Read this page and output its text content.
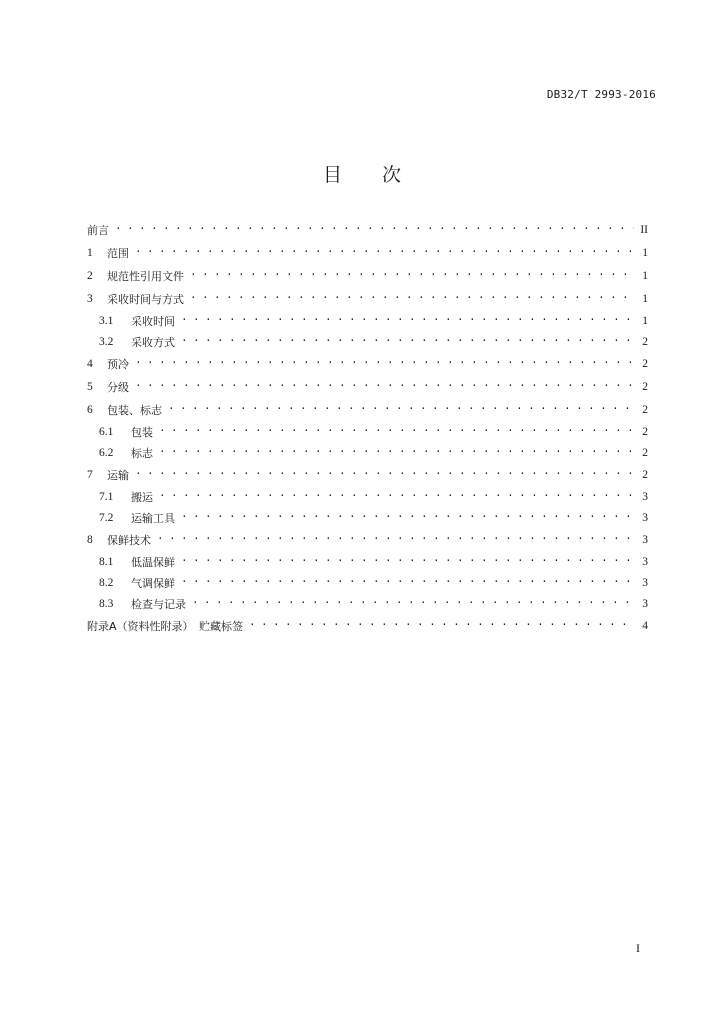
DB32/T 2993-2016
目 次
前言 . . .	II
1	范围 . . .	1
2	规范性引用文件 . . .	1
3	采收时间与方式 . . .	1
3.1	采收时间 . . .	1
3.2	采收方式 . . .	2
4	预冷 . . .	2
5	分级 . . .	2
6	包装、标志 . . .	2
6.1	包装 . . .	2
6.2	标志 . . .	2
7	运输 . . .	2
7.1	搬运 . . .	3
7.2	运输工具 . . .	3
8	保鲜技术 . . .	3
8.1	低温保鲜 . . .	3
8.2	气调保鲜 . . .	3
8.3	检查与记录 . . .	3
附录A（资料性附录）　贮藏标签 . . .	4
I
